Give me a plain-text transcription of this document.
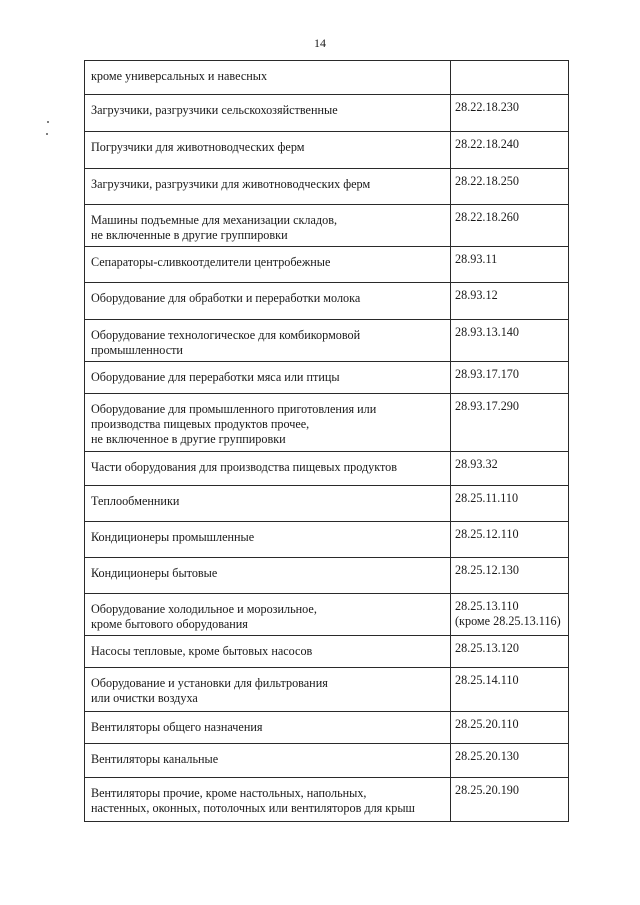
14
кроме универсальных и навесных	
Загрузчики, разгрузчики сельскохозяйственные	28.22.18.230
Погрузчики для животноводческих ферм	28.22.18.240
Загрузчики, разгрузчики для животноводческих ферм	28.22.18.250
Машины подъемные для механизации складов,
не включенные в другие группировки	28.22.18.260
Сепараторы-сливкоотделители центробежные	28.93.11
Оборудование для обработки и переработки молока	28.93.12
Оборудование технологическое для комбикормовой
промышленности	28.93.13.140
Оборудование для переработки мяса или птицы	28.93.17.170
Оборудование для промышленного приготовления или
производства пищевых продуктов прочее,
не включенное в другие группировки	28.93.17.290
Части оборудования для производства пищевых продуктов	28.93.32
Теплообменники	28.25.11.110
Кондиционеры промышленные	28.25.12.110
Кондиционеры бытовые	28.25.12.130
Оборудование холодильное и морозильное,
кроме бытового оборудования	28.25.13.110
(кроме 28.25.13.116)
Насосы тепловые, кроме бытовых насосов	28.25.13.120
Оборудование и установки для фильтрования
или очистки воздуха	28.25.14.110
Вентиляторы общего назначения	28.25.20.110
Вентиляторы канальные	28.25.20.130
Вентиляторы прочие, кроме настольных, напольных,
настенных, оконных, потолочных или вентиляторов для крыш	28.25.20.190
